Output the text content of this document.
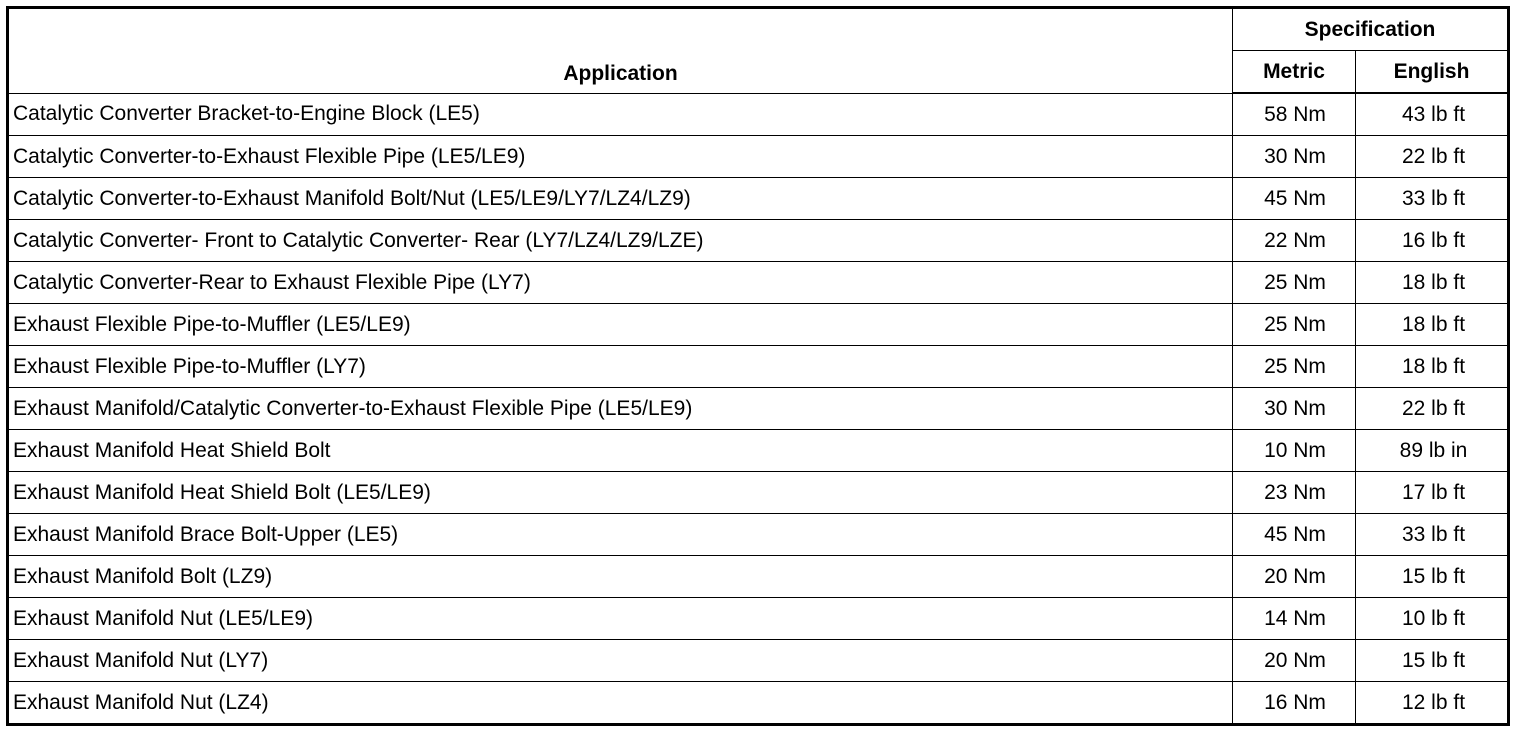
Application	Specification	
	Metric	English
Catalytic Converter Bracket-to-Engine Block (LE5)	58 Nm	43 lb ft
Catalytic Converter-to-Exhaust Flexible Pipe (LE5/LE9)	30 Nm	22 lb ft
Catalytic Converter-to-Exhaust Manifold Bolt/Nut (LE5/LE9/LY7/LZ4/LZ9)	45 Nm	33 lb ft
Catalytic Converter- Front to Catalytic Converter- Rear (LY7/LZ4/LZ9/LZE)	22 Nm	16 lb ft
Catalytic Converter-Rear to Exhaust Flexible Pipe (LY7)	25 Nm	18 lb ft
Exhaust Flexible Pipe-to-Muffler (LE5/LE9)	25 Nm	18 lb ft
Exhaust Flexible Pipe-to-Muffler (LY7)	25 Nm	18 lb ft
Exhaust Manifold/Catalytic Converter-to-Exhaust Flexible Pipe (LE5/LE9)	30 Nm	22 lb ft
Exhaust Manifold Heat Shield Bolt	10 Nm	89 lb in
Exhaust Manifold Heat Shield Bolt (LE5/LE9)	23 Nm	17 lb ft
Exhaust Manifold Brace Bolt-Upper (LE5)	45 Nm	33 lb ft
Exhaust Manifold Bolt (LZ9)	20 Nm	15 lb ft
Exhaust Manifold Nut (LE5/LE9)	14 Nm	10 lb ft
Exhaust Manifold Nut (LY7)	20 Nm	15 lb ft
Exhaust Manifold Nut (LZ4)	16 Nm	12 lb ft
